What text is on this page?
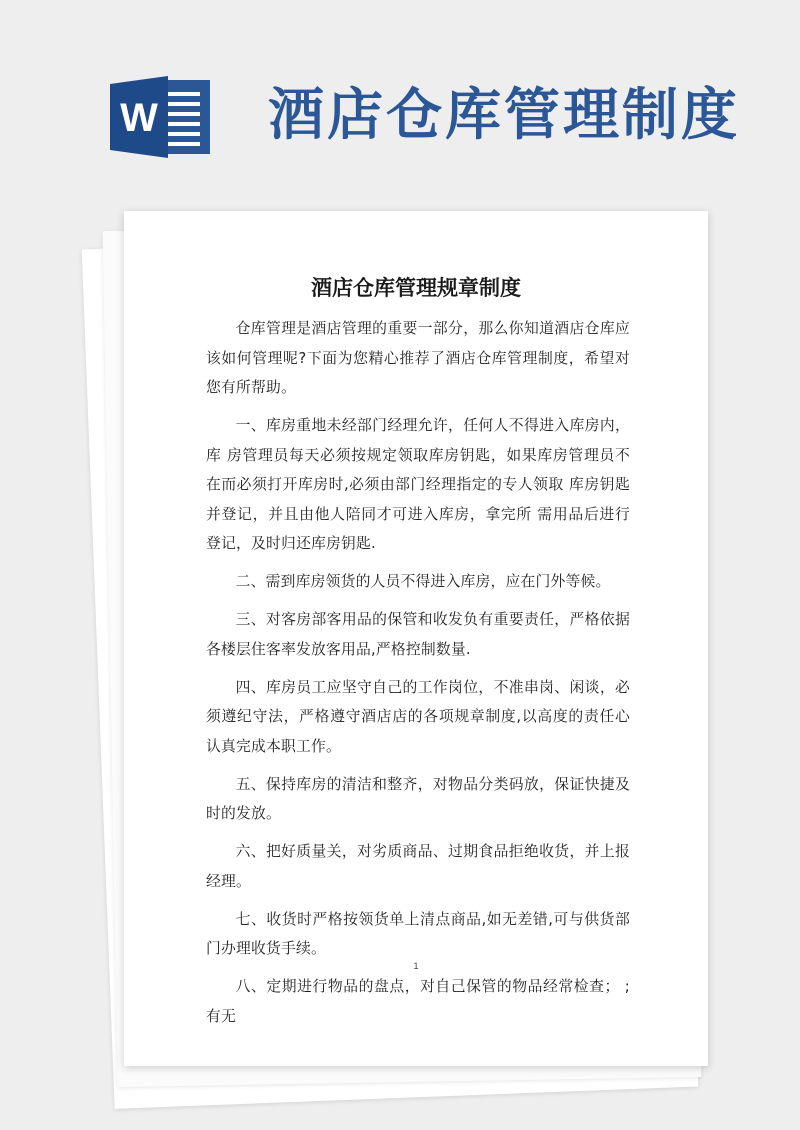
W 酒店仓库管理制度
酒店仓库管理规章制度

仓库管理是酒店管理的重要一部分，那么你知道酒店仓库应该如何管理呢?下面为您精心推荐了酒店仓库管理制度，希望对您有所帮助。

一、库房重地未经部门经理允许，任何人不得进入库房内，库 房管理员每天必须按规定领取库房钥匙，如果库房管理员不在而必须打开库房时,必须由部门经理指定的专人领取 库房钥匙并登记，并且由他人陪同才可进入库房，拿完所 需用品后进行登记，及时归还库房钥匙.

二、需到库房领货的人员不得进入库房，应在门外等候。

三、对客房部客用品的保管和收发负有重要责任，严格依据各楼层住客率发放客用品,严格控制数量.

四、库房员工应坚守自己的工作岗位，不准串岗、闲谈，必须遵纪守法，严格遵守酒店店的各项规章制度,以高度的责任心认真完成本职工作。

五、保持库房的清洁和整齐，对物品分类码放，保证快捷及时的发放。

六、把好质量关，对劣质商品、过期食品拒绝收货，并上报经理。

七、收货时严格按领货单上清点商品,如无差错,可与供货部门办理收货手续。

八、定期进行物品的盘点，对自己保管的物品经常检查； ;有无

1
